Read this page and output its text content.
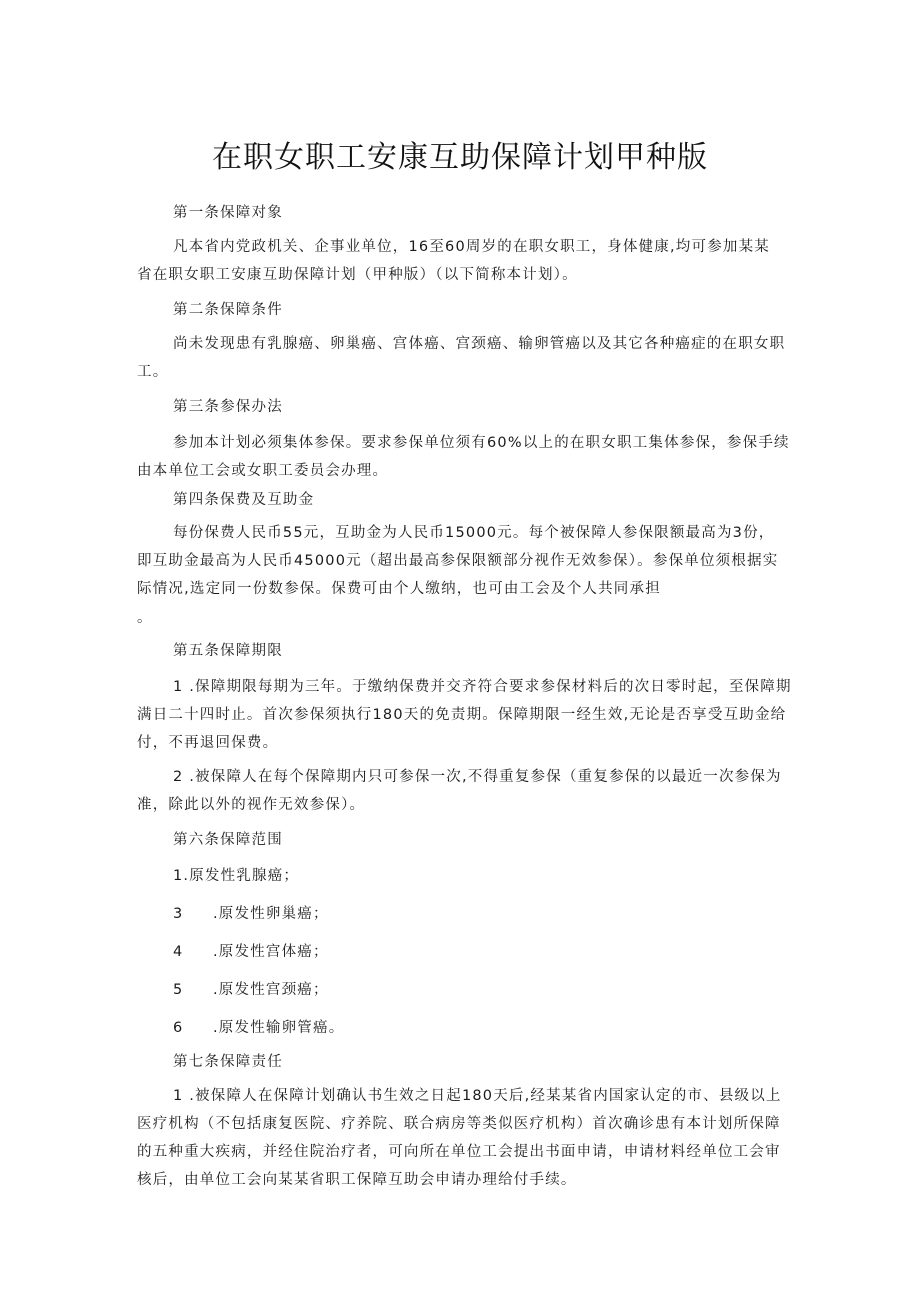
在职女职工安康互助保障计划甲种版
第一条保障对象
凡本省内党政机关、企事业单位，16至60周岁的在职女职工，身体健康,均可参加某某
省在职女职工安康互助保障计划（甲种版）（以下简称本计划）。
第二条保障条件
尚未发现患有乳腺癌、卵巢癌、宫体癌、宫颈癌、输卵管癌以及其它各种癌症的在职女职
工。
第三条参保办法
参加本计划必须集体参保。要求参保单位须有60%以上的在职女职工集体参保，参保手续
由本单位工会或女职工委员会办理。
第四条保费及互助金
每份保费人民币55元，互助金为人民币15000元。每个被保障人参保限额最高为3份，
即互助金最高为人民币45000元（超出最高参保限额部分视作无效参保）。参保单位须根据实
际情况,选定同一份数参保。保费可由个人缴纳，也可由工会及个人共同承担
。
第五条保障期限
1 .保障期限每期为三年。于缴纳保费并交齐符合要求参保材料后的次日零时起，至保障期
满日二十四时止。首次参保须执行180天的免责期。保障期限一经生效,无论是否享受互助金给
付，不再退回保费。
2 .被保障人在每个保障期内只可参保一次,不得重复参保（重复参保的以最近一次参保为
准，除此以外的视作无效参保）。
第六条保障范围
1.原发性乳腺癌；
3 .原发性卵巢癌；
4 .原发性宫体癌；
5 .原发性宫颈癌；
6 .原发性输卵管癌。
第七条保障责任
1 .被保障人在保障计划确认书生效之日起180天后,经某某省内国家认定的市、县级以上
医疗机构（不包括康复医院、疗养院、联合病房等类似医疗机构）首次确诊患有本计划所保障
的五种重大疾病，并经住院治疗者，可向所在单位工会提出书面申请，申请材料经单位工会审
核后，由单位工会向某某省职工保障互助会申请办理给付手续。
